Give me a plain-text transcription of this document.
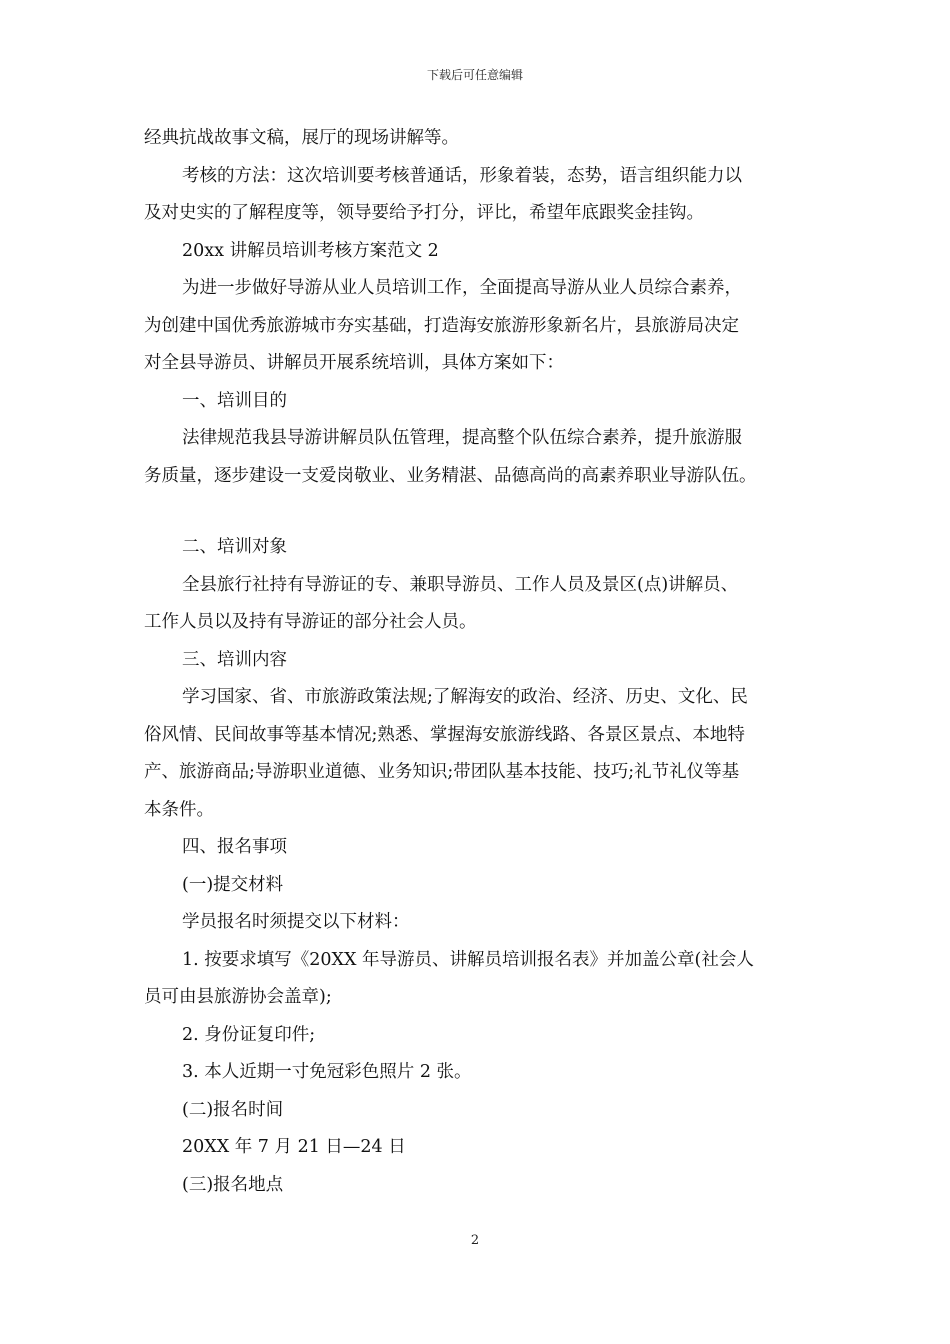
下载后可任意编辑

经典抗战故事文稿，展厅的现场讲解等。

考核的方法：这次培训要考核普通话，形象着装，态势，语言组织能力以

及对史实的了解程度等，领导要给予打分，评比，希望年底跟奖金挂钩。

20xx 讲解员培训考核方案范文 2

为进一步做好导游从业人员培训工作，全面提高导游从业人员综合素养，

为创建中国优秀旅游城市夯实基础，打造海安旅游形象新名片，县旅游局决定

对全县导游员、讲解员开展系统培训，具体方案如下：

一、培训目的

法律规范我县导游讲解员队伍管理，提高整个队伍综合素养，提升旅游服

务质量，逐步建设一支爱岗敬业、业务精湛、品德高尚的高素养职业导游队伍。

二、培训对象

全县旅行社持有导游证的专、兼职导游员、工作人员及景区(点)讲解员、

工作人员以及持有导游证的部分社会人员。

三、培训内容

学习国家、省、市旅游政策法规;了解海安的政治、经济、历史、文化、民

俗风情、民间故事等基本情况;熟悉、掌握海安旅游线路、各景区景点、本地特

产、旅游商品;导游职业道德、业务知识;带团队基本技能、技巧;礼节礼仪等基

本条件。

四、报名事项

(一)提交材料

学员报名时须提交以下材料：

1. 按要求填写《20XX 年导游员、讲解员培训报名表》并加盖公章(社会人

员可由县旅游协会盖章);

2. 身份证复印件;

3. 本人近期一寸免冠彩色照片 2 张。

(二)报名时间

20XX 年 7 月 21 日—24 日

(三)报名地点

2
